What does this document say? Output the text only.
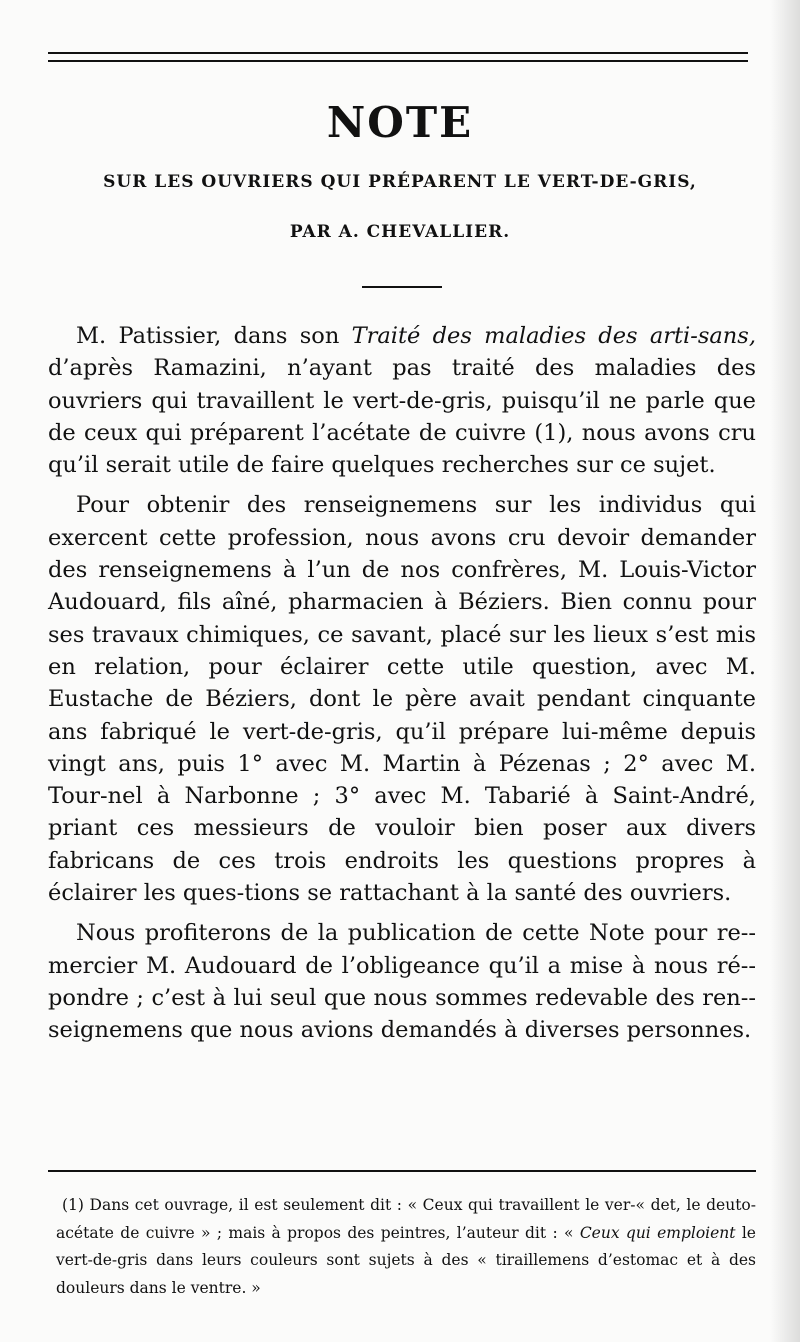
NOTE
SUR LES OUVRIERS QUI PRÉPARENT LE VERT-DE-GRIS,
PAR A. CHEVALLIER.

M. Patissier, dans son Traité des maladies des arti-sans, d’après Ramazini, n’ayant pas traité des maladies des ouvriers qui travaillent le vert-de-gris, puisqu’il ne parle que de ceux qui préparent l’acétate de cuivre (1), nous avons cru qu’il serait utile de faire quelques recherches sur ce sujet.

Pour obtenir des renseignemens sur les individus qui exercent cette profession, nous avons cru devoir demander des renseignemens à l’un de nos confrères, M. Louis-Victor Audouard, fils aîné, pharmacien à Béziers. Bien connu pour ses travaux chimiques, ce savant, placé sur les lieux s’est mis en relation, pour éclairer cette utile question, avec M. Eustache de Béziers, dont le père avait pendant cinquante ans fabriqué le vert-de-gris, qu’il prépare lui-même depuis vingt ans, puis 1° avec M. Martin à Pézenas ; 2° avec M. Tour-nel à Narbonne ; 3° avec M. Tabarié à Saint-André, priant ces messieurs de vouloir bien poser aux divers fabricans de ces trois endroits les questions propres à éclairer les ques-tions se rattachant à la santé des ouvriers.

Nous profiterons de la publication de cette Note pour re-mercier M. Audouard de l’obligeance qu’il a mise à nous ré-pondre ; c’est à lui seul que nous sommes redevable des ren-seignemens que nous avions demandés à diverses personnes.

(1) Dans cet ouvrage, il est seulement dit : « Ceux qui travaillent le ver-« det, le deuto-acétate de cuivre » ; mais à propos des peintres, l’auteur dit : « Ceux qui emploient le vert-de-gris dans leurs couleurs sont sujets à des « tiraillemens d’estomac et à des douleurs dans le ventre. »
